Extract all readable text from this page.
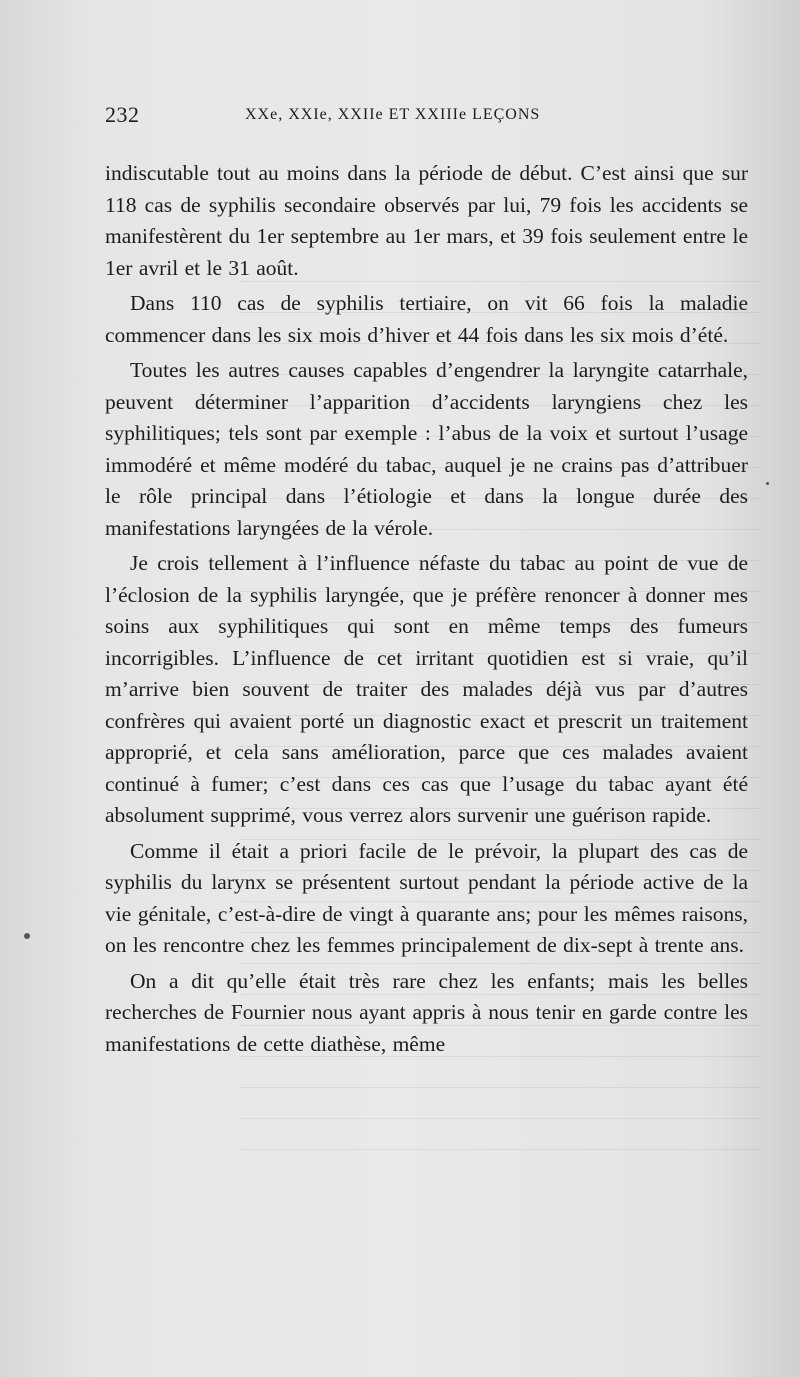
232	XXe, XXIe, XXIIe ET XXIIIe LEÇONS

indiscutable tout au moins dans la période de début. C’est ainsi que sur 118 cas de syphilis secondaire observés par lui, 79 fois les accidents se manifestèrent du 1er septembre au 1er mars, et 39 fois seulement entre le 1er avril et le 31 août.

Dans 110 cas de syphilis tertiaire, on vit 66 fois la maladie commencer dans les six mois d’hiver et 44 fois dans les six mois d’été.

Toutes les autres causes capables d’engendrer la laryngite catarrhale, peuvent déterminer l’apparition d’accidents laryngiens chez les syphilitiques; tels sont par exemple : l’abus de la voix et surtout l’usage immodéré et même modéré du tabac, auquel je ne crains pas d’attribuer le rôle principal dans l’étiologie et dans la longue durée des manifestations laryngées de la vérole.

Je crois tellement à l’influence néfaste du tabac au point de vue de l’éclosion de la syphilis laryngée, que je préfère renoncer à donner mes soins aux syphilitiques qui sont en même temps des fumeurs incorrigibles. L’influence de cet irritant quotidien est si vraie, qu’il m’arrive bien souvent de traiter des malades déjà vus par d’autres confrères qui avaient porté un diagnostic exact et prescrit un traitement approprié, et cela sans amélioration, parce que ces malades avaient continué à fumer; c’est dans ces cas que l’usage du tabac ayant été absolument supprimé, vous verrez alors survenir une guérison rapide.

Comme il était a priori facile de le prévoir, la plupart des cas de syphilis du larynx se présentent surtout pendant la période active de la vie génitale, c’est-à-dire de vingt à quarante ans; pour les mêmes raisons, on les rencontre chez les femmes principalement de dix-sept à trente ans.

On a dit qu’elle était très rare chez les enfants; mais les belles recherches de Fournier nous ayant appris à nous tenir en garde contre les manifestations de cette diathèse, même
